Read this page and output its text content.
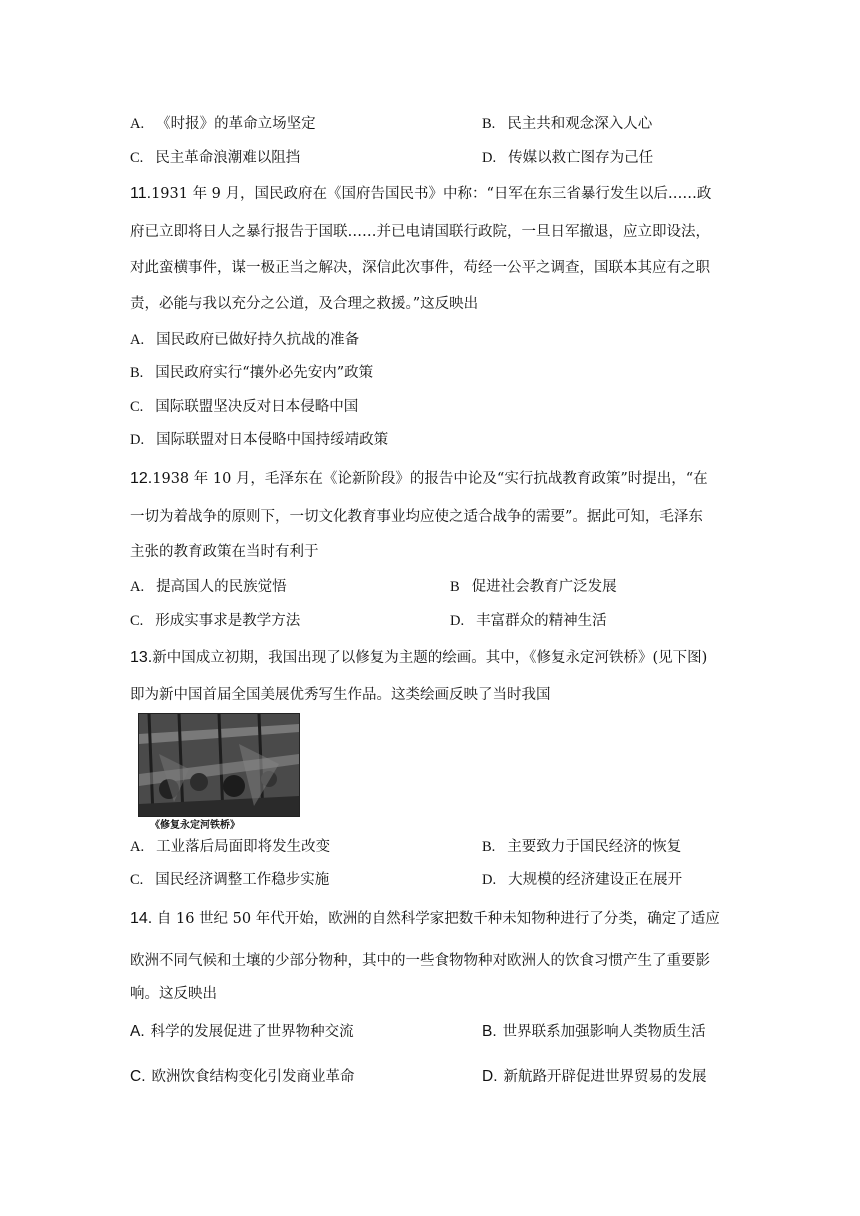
A. 《时报》的革命立场坚定	B. 民主共和观念深入人心
C. 民主革命浪潮难以阻挡	D. 传媒以救亡图存为己任
11.1931 年 9 月，国民政府在《国府告国民书》中称：“日军在东三省暴行发生以后……政
府已立即将日人之暴行报告于国联……并已电请国联行政院，一旦日军撤退，应立即设法，
对此蛮横事件，谋一极正当之解决，深信此次事件，苟经一公平之调查，国联本其应有之职
责，必能与我以充分之公道，及合理之救援。”这反映出
A. 国民政府已做好持久抗战的准备
B. 国民政府实行“攘外必先安内”政策
C. 国际联盟坚决反对日本侵略中国
D. 国际联盟对日本侵略中国持绥靖政策
12.1938 年 10 月，毛泽东在《论新阶段》的报告中论及“实行抗战教育政策”时提出，“在
一切为着战争的原则下，一切文化教育事业均应使之适合战争的需要”。据此可知，毛泽东
主张的教育政策在当时有利于
A. 提高国人的民族觉悟	B 促进社会教育广泛发展
C. 形成实事求是教学方法	D. 丰富群众的精神生活
13.新中国成立初期，我国出现了以修复为主题的绘画。其中，《修复永定河铁桥》(见下图)
即为新中国首届全国美展优秀写生作品。这类绘画反映了当时我国
《修复永定河铁桥》
A. 工业落后局面即将发生改变	B. 主要致力于国民经济的恢复
C. 国民经济调整工作稳步实施	D. 大规模的经济建设正在展开
14. 自 16 世纪 50 年代开始，欧洲的自然科学家把数千种未知物种进行了分类，确定了适应
欧洲不同气候和土壤的少部分物种，其中的一些食物物种对欧洲人的饮食习惯产生了重要影
响。这反映出
A. 科学的发展促进了世界物种交流	B. 世界联系加强影响人类物质生活
C. 欧洲饮食结构变化引发商业革命	D. 新航路开辟促进世界贸易的发展
